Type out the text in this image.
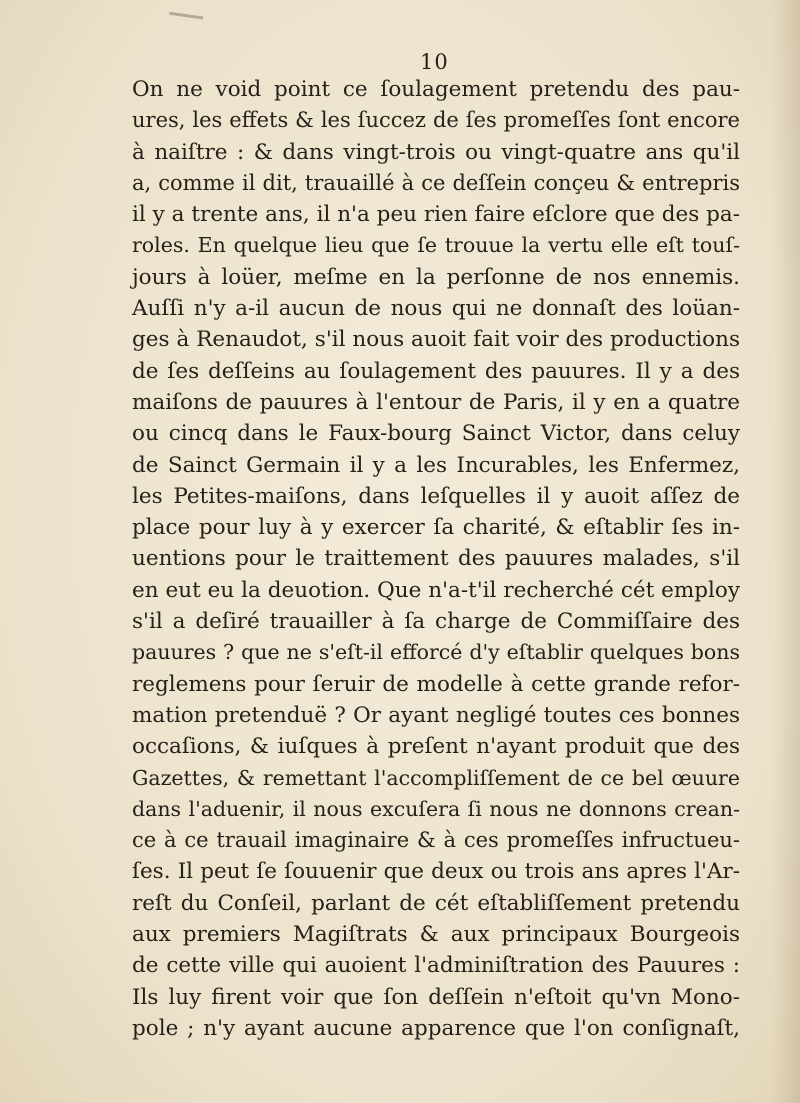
10
On ne void point ce ſoulagement pretendu des pau-
ures, les effets & les ſuccez de ſes promeſſes ſont encore
à naiſtre : & dans vingt-trois ou vingt-quatre ans qu'il
a, comme il dit, trauaillé à ce deſſein conçeu & entrepris
il y a trente ans, il n'a peu rien faire eſclore que des pa-
roles. En quelque lieu que ſe trouue la vertu elle eſt touſ-
jours à loüer, meſme en la perſonne de nos ennemis.
Auſſi n'y a-il aucun de nous qui ne donnaſt des loüan-
ges à Renaudot, s'il nous auoit fait voir des productions
de ſes deſſeins au ſoulagement des pauures. Il y a des
maiſons de pauures à l'entour de Paris, il y en a quatre
ou cincq dans le Faux-bourg Sainct Victor, dans celuy
de Sainct Germain il y a les Incurables, les Enfermez,
les Petites-maiſons, dans leſquelles il y auoit aſſez de
place pour luy à y exercer ſa charité, & eſtablir ſes in-
uentions pour le traittement des pauures malades, s'il
en eut eu la deuotion. Que n'a-t'il recherché cét employ
s'il a deſiré trauailler à ſa charge de Commiſſaire des
pauures ? que ne s'eſt-il efforcé d'y eſtablir quelques bons
reglemens pour ſeruir de modelle à cette grande refor-
mation pretenduë ? Or ayant negligé toutes ces bonnes
occaſions, & iuſques à preſent n'ayant produit que des
Gazettes, & remettant l'accompliſſement de ce bel œuure
dans l'aduenir, il nous excuſera ſi nous ne donnons crean-
ce à ce trauail imaginaire & à ces promeſſes infructueu-
ſes. Il peut ſe ſouuenir que deux ou trois ans apres l'Ar-
reſt du Conſeil, parlant de cét eſtabliſſement pretendu
aux premiers Magiſtrats & aux principaux Bourgeois
de cette ville qui auoient l'adminiſtration des Pauures :
Ils luy firent voir que ſon deſſein n'eſtoit qu'vn Mono-
pole ; n'y ayant aucune apparence que l'on conſignaſt,
